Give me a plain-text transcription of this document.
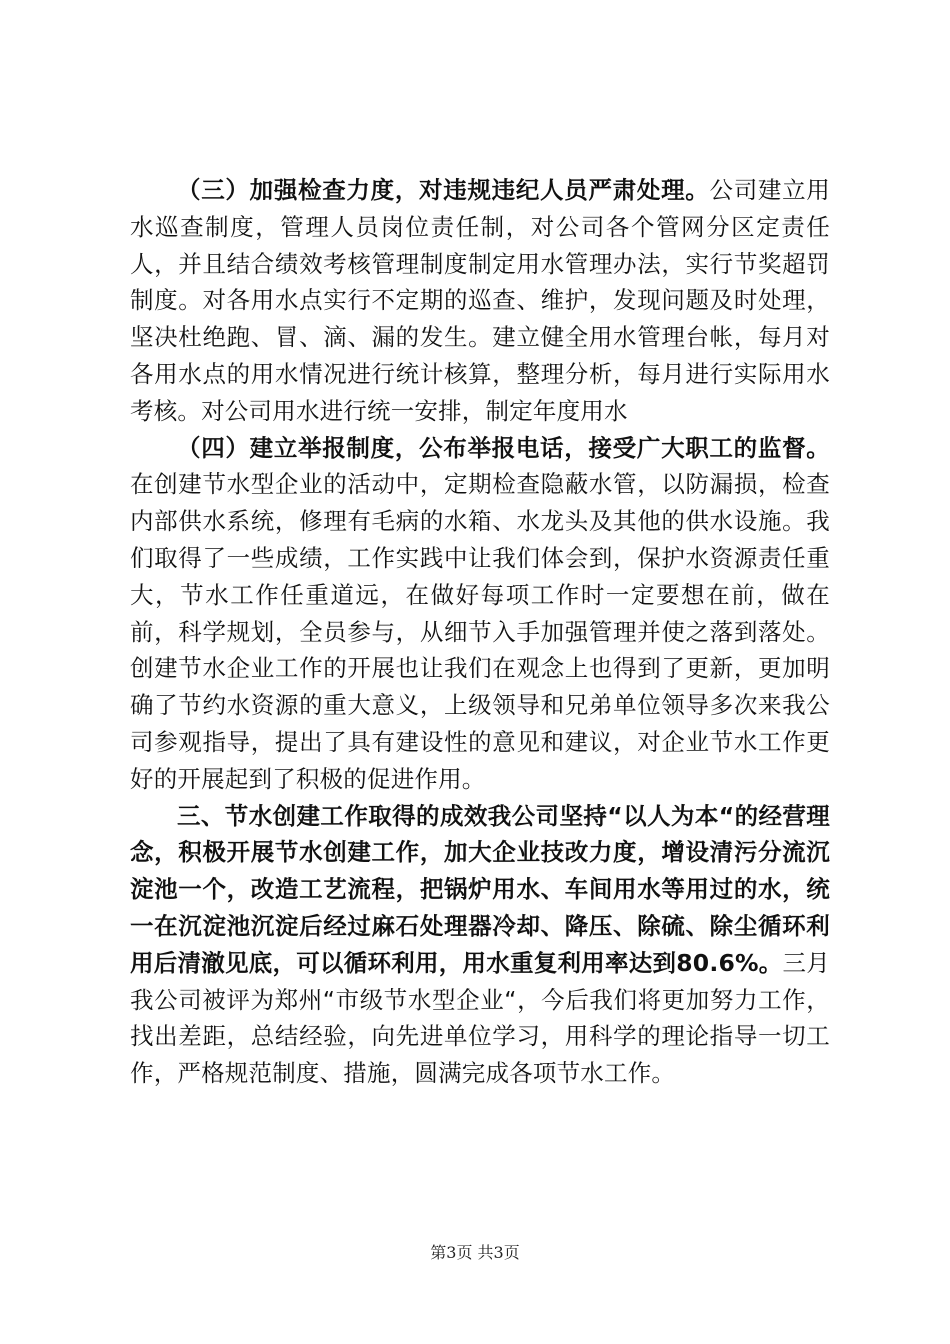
（三）加强检查力度，对违规违纪人员严肃处理。公司建立用水巡查制度，管理人员岗位责任制，对公司各个管网分区定责任人，并且结合绩效考核管理制度制定用水管理办法，实行节奖超罚制度。对各用水点实行不定期的巡查、维护，发现问题及时处理，坚决杜绝跑、冒、滴、漏的发生。建立健全用水管理台帐，每月对各用水点的用水情况进行统计核算，整理分析，每月进行实际用水考核。对公司用水进行统一安排，制定年度用水

（四）建立举报制度，公布举报电话，接受广大职工的监督。在创建节水型企业的活动中，定期检查隐蔽水管，以防漏损，检查内部供水系统，修理有毛病的水箱、水龙头及其他的供水设施。我们取得了一些成绩，工作实践中让我们体会到，保护水资源责任重大，节水工作任重道远，在做好每项工作时一定要想在前，做在前，科学规划，全员参与，从细节入手加强管理并使之落到落处。创建节水企业工作的开展也让我们在观念上也得到了更新，更加明确了节约水资源的重大意义，上级领导和兄弟单位领导多次来我公司参观指导，提出了具有建设性的意见和建议，对企业节水工作更好的开展起到了积极的促进作用。

三、节水创建工作取得的成效我公司坚持“以人为本“的经营理念，积极开展节水创建工作，加大企业技改力度，增设清污分流沉淀池一个，改造工艺流程，把锅炉用水、车间用水等用过的水，统一在沉淀池沉淀后经过麻石处理器冷却、降压、除硫、除尘循环利用后清澈见底，可以循环利用，用水重复利用率达到80.6%。三月我公司被评为郑州“市级节水型企业“，今后我们将更加努力工作，找出差距，总结经验，向先进单位学习，用科学的理论指导一切工作，严格规范制度、措施，圆满完成各项节水工作。

第3页 共3页
